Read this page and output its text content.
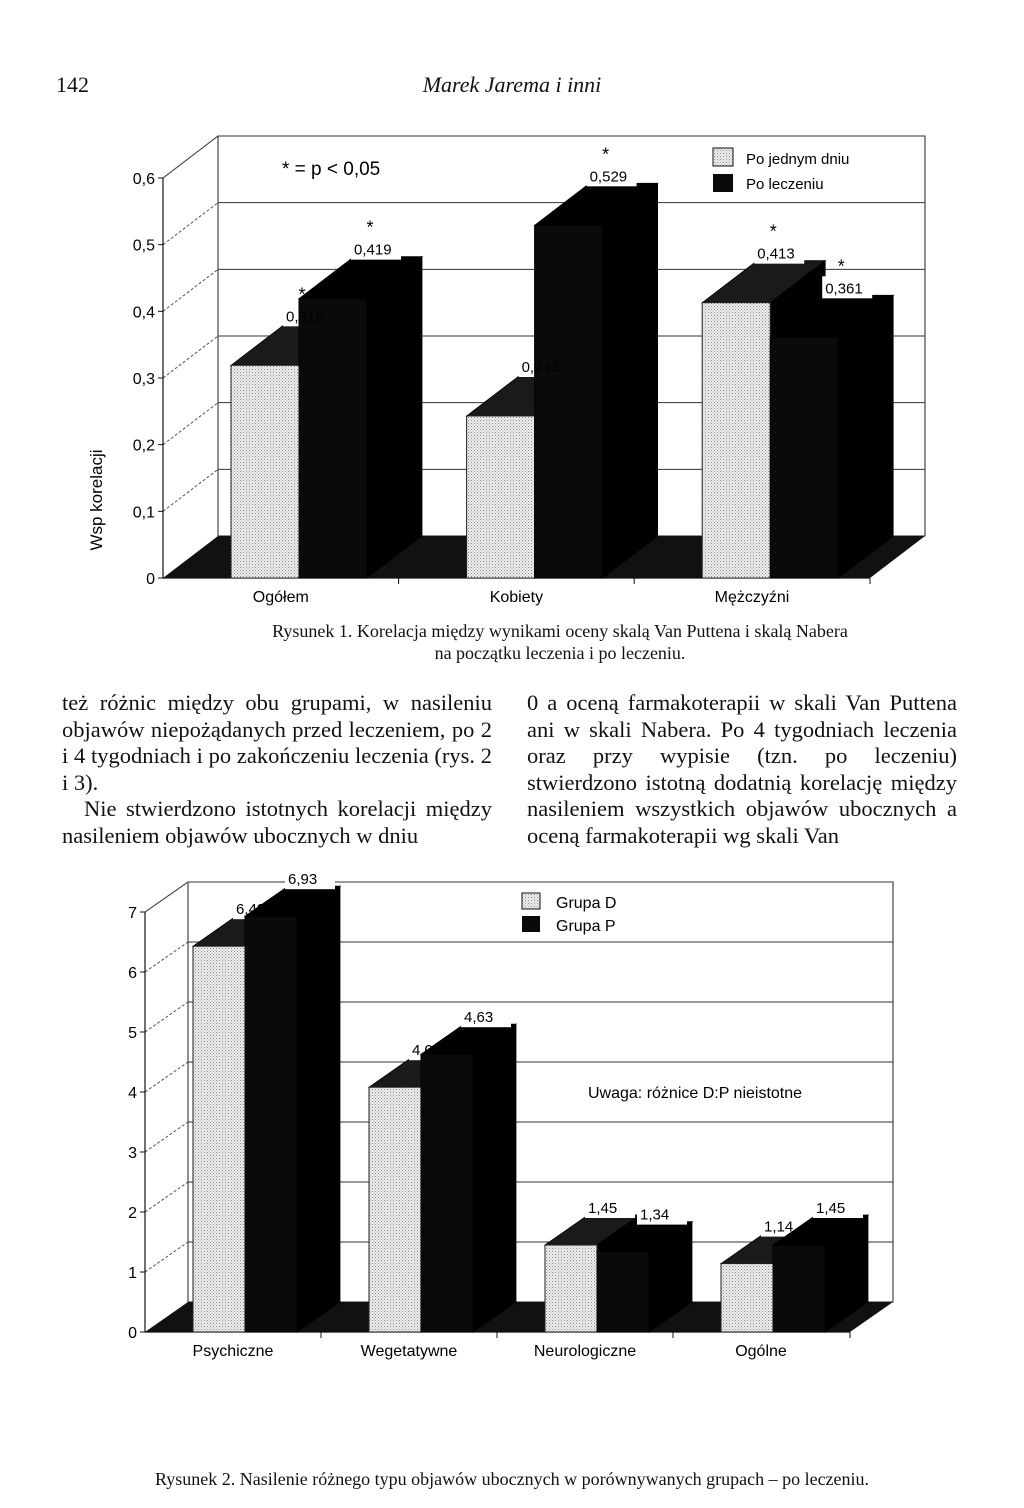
142	Marek Jarema i inni
0
0,1
0,2
0,3
0,4
0,5
0,6
Ogółem	Kobiety	Mężczyźni
0,319
*
0,419
*
0,243
0,529
*
0,413
*
0,361
*
Wsp korelacji
* = p < 0,05	Po jednym dniu
Po leczeniu
Rysunek 1. Korelacja między wynikami oceny skalą Van Puttena i skalą Nabera
na początku leczenia i po leczeniu.

też różnic między obu grupami, w nasileniu objawów niepożądanych przed leczeniem, po 2 i 4 tygodniach i po zakończeniu leczenia (rys. 2 i 3).

Nie stwierdzono istotnych korelacji między nasileniem objawów ubocznych w dniu

0 a oceną farmakoterapii w skali Van Puttena ani w skali Nabera. Po 4 tygodniach leczenia oraz przy wypisie (tzn. po leczeniu) stwierdzono istotną dodatnią korelację między nasileniem wszystkich objawów ubocznych a oceną farmakoterapii wg skali Van

0
1
2
3
4
5
6
7
Psychiczne	Wegetatywne	Neurologiczne	Ogólne
6,43
6,93
4,08
4,63
1,45 1,34
1,14
1,45
Grupa D
Grupa P
Uwaga: różnice D:P nieistotne
Rysunek 2. Nasilenie różnego typu objawów ubocznych w porównywanych grupach – po leczeniu.
